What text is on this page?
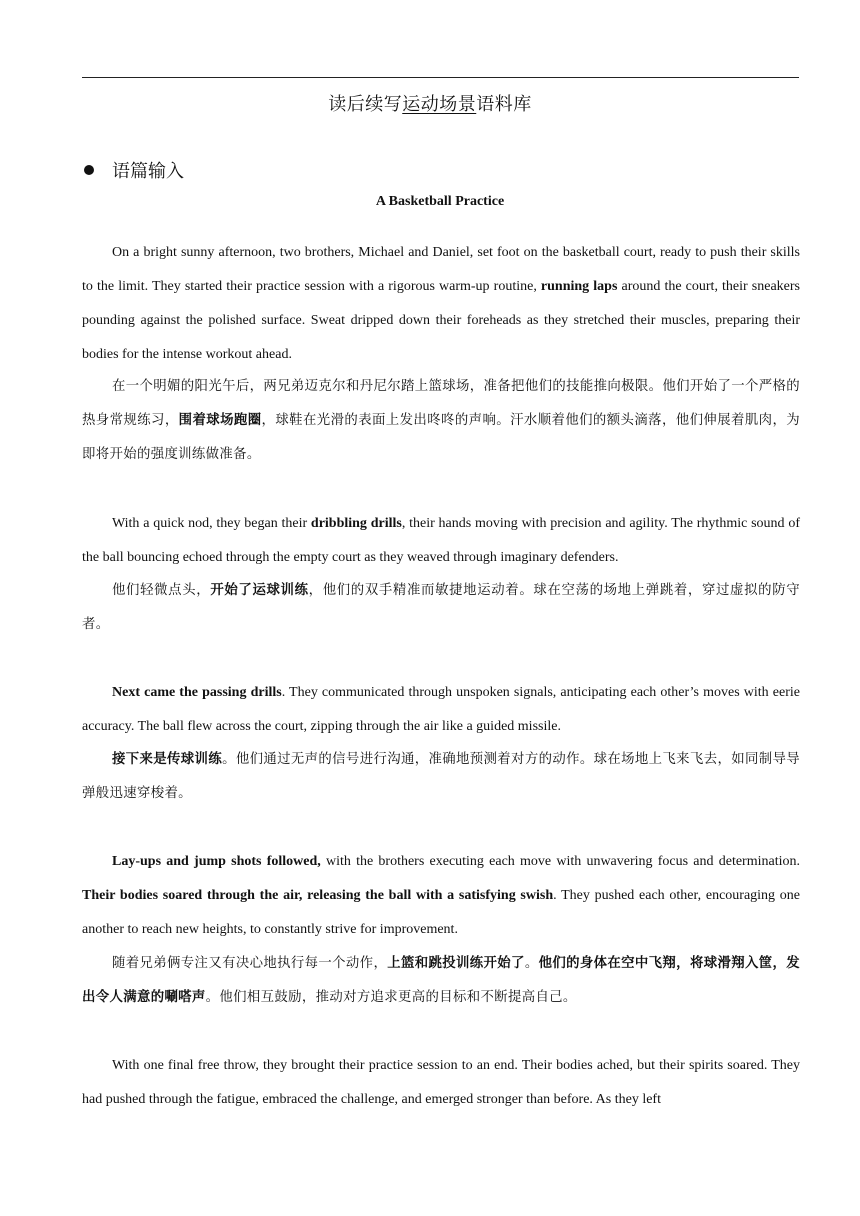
读后续写运动场景语料库
语篇输入
A Basketball Practice

On a bright sunny afternoon, two brothers, Michael and Daniel, set foot on the basketball court, ready to push their skills to the limit. They started their practice session with a rigorous warm-up routine, running laps around the court, their sneakers pounding against the polished surface. Sweat dripped down their foreheads as they stretched their muscles, preparing their bodies for the intense workout ahead.

在一个明媚的阳光午后，两兄弟迈克尔和丹尼尔踏上篮球场，准备把他们的技能推向极限。他们开始了一个严格的热身常规练习，围着球场跑圈，球鞋在光滑的表面上发出咚咚的声响。汗水顺着他们的额头滴落，他们伸展着肌肉，为即将开始的强度训练做准备。

With a quick nod, they began their dribbling drills, their hands moving with precision and agility. The rhythmic sound of the ball bouncing echoed through the empty court as they weaved through imaginary defenders.

他们轻微点头，开始了运球训练，他们的双手精准而敏捷地运动着。球在空荡的场地上弹跳着，穿过虚拟的防守者。

Next came the passing drills. They communicated through unspoken signals, anticipating each other’s moves with eerie accuracy. The ball flew across the court, zipping through the air like a guided missile.

接下来是传球训练。他们通过无声的信号进行沟通，准确地预测着对方的动作。球在场地上飞来飞去，如同制导导弹般迅速穿梭着。

Lay-ups and jump shots followed, with the brothers executing each move with unwavering focus and determination. Their bodies soared through the air, releasing the ball with a satisfying swish. They pushed each other, encouraging one another to reach new heights, to constantly strive for improvement.

随着兄弟俩专注又有决心地执行每一个动作，上篮和跳投训练开始了。他们的身体在空中飞翔，将球滑翔入筐，发出令人满意的唰嗒声。他们相互鼓励，推动对方追求更高的目标和不断提高自己。

With one final free throw, they brought their practice session to an end. Their bodies ached, but their spirits soared. They had pushed through the fatigue, embraced the challenge, and emerged stronger than before. As they left
